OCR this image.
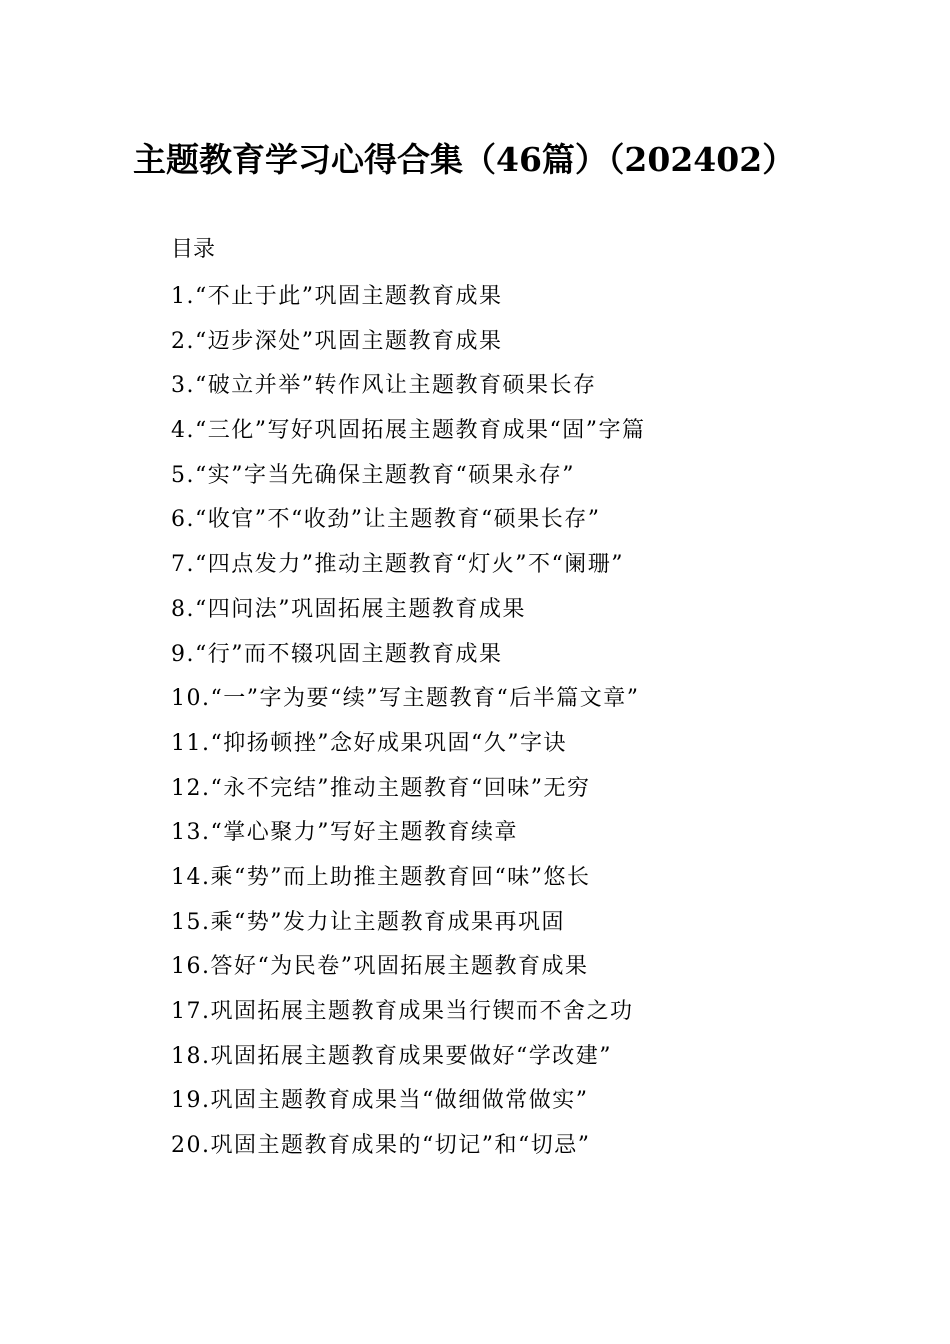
主题教育学习心得合集（46篇）（202402）
目录
1.“不止于此”巩固主题教育成果
2.“迈步深处”巩固主题教育成果
3.“破立并举”转作风让主题教育硕果长存
4.“三化”写好巩固拓展主题教育成果“固”字篇
5.“实”字当先确保主题教育“硕果永存”
6.“收官”不“收劲”让主题教育“硕果长存”
7.“四点发力”推动主题教育“灯火”不“阑珊”
8.“四问法”巩固拓展主题教育成果
9.“行”而不辍巩固主题教育成果
10.“一”字为要“续”写主题教育“后半篇文章”
11.“抑扬顿挫”念好成果巩固“久”字诀
12.“永不完结”推动主题教育“回味”无穷
13.“掌心聚力”写好主题教育续章
14.乘“势”而上助推主题教育回“味”悠长
15.乘“势”发力让主题教育成果再巩固
16.答好“为民卷”巩固拓展主题教育成果
17.巩固拓展主题教育成果当行锲而不舍之功
18.巩固拓展主题教育成果要做好“学改建”
19.巩固主题教育成果当“做细做常做实”
20.巩固主题教育成果的“切记”和“切忌”
